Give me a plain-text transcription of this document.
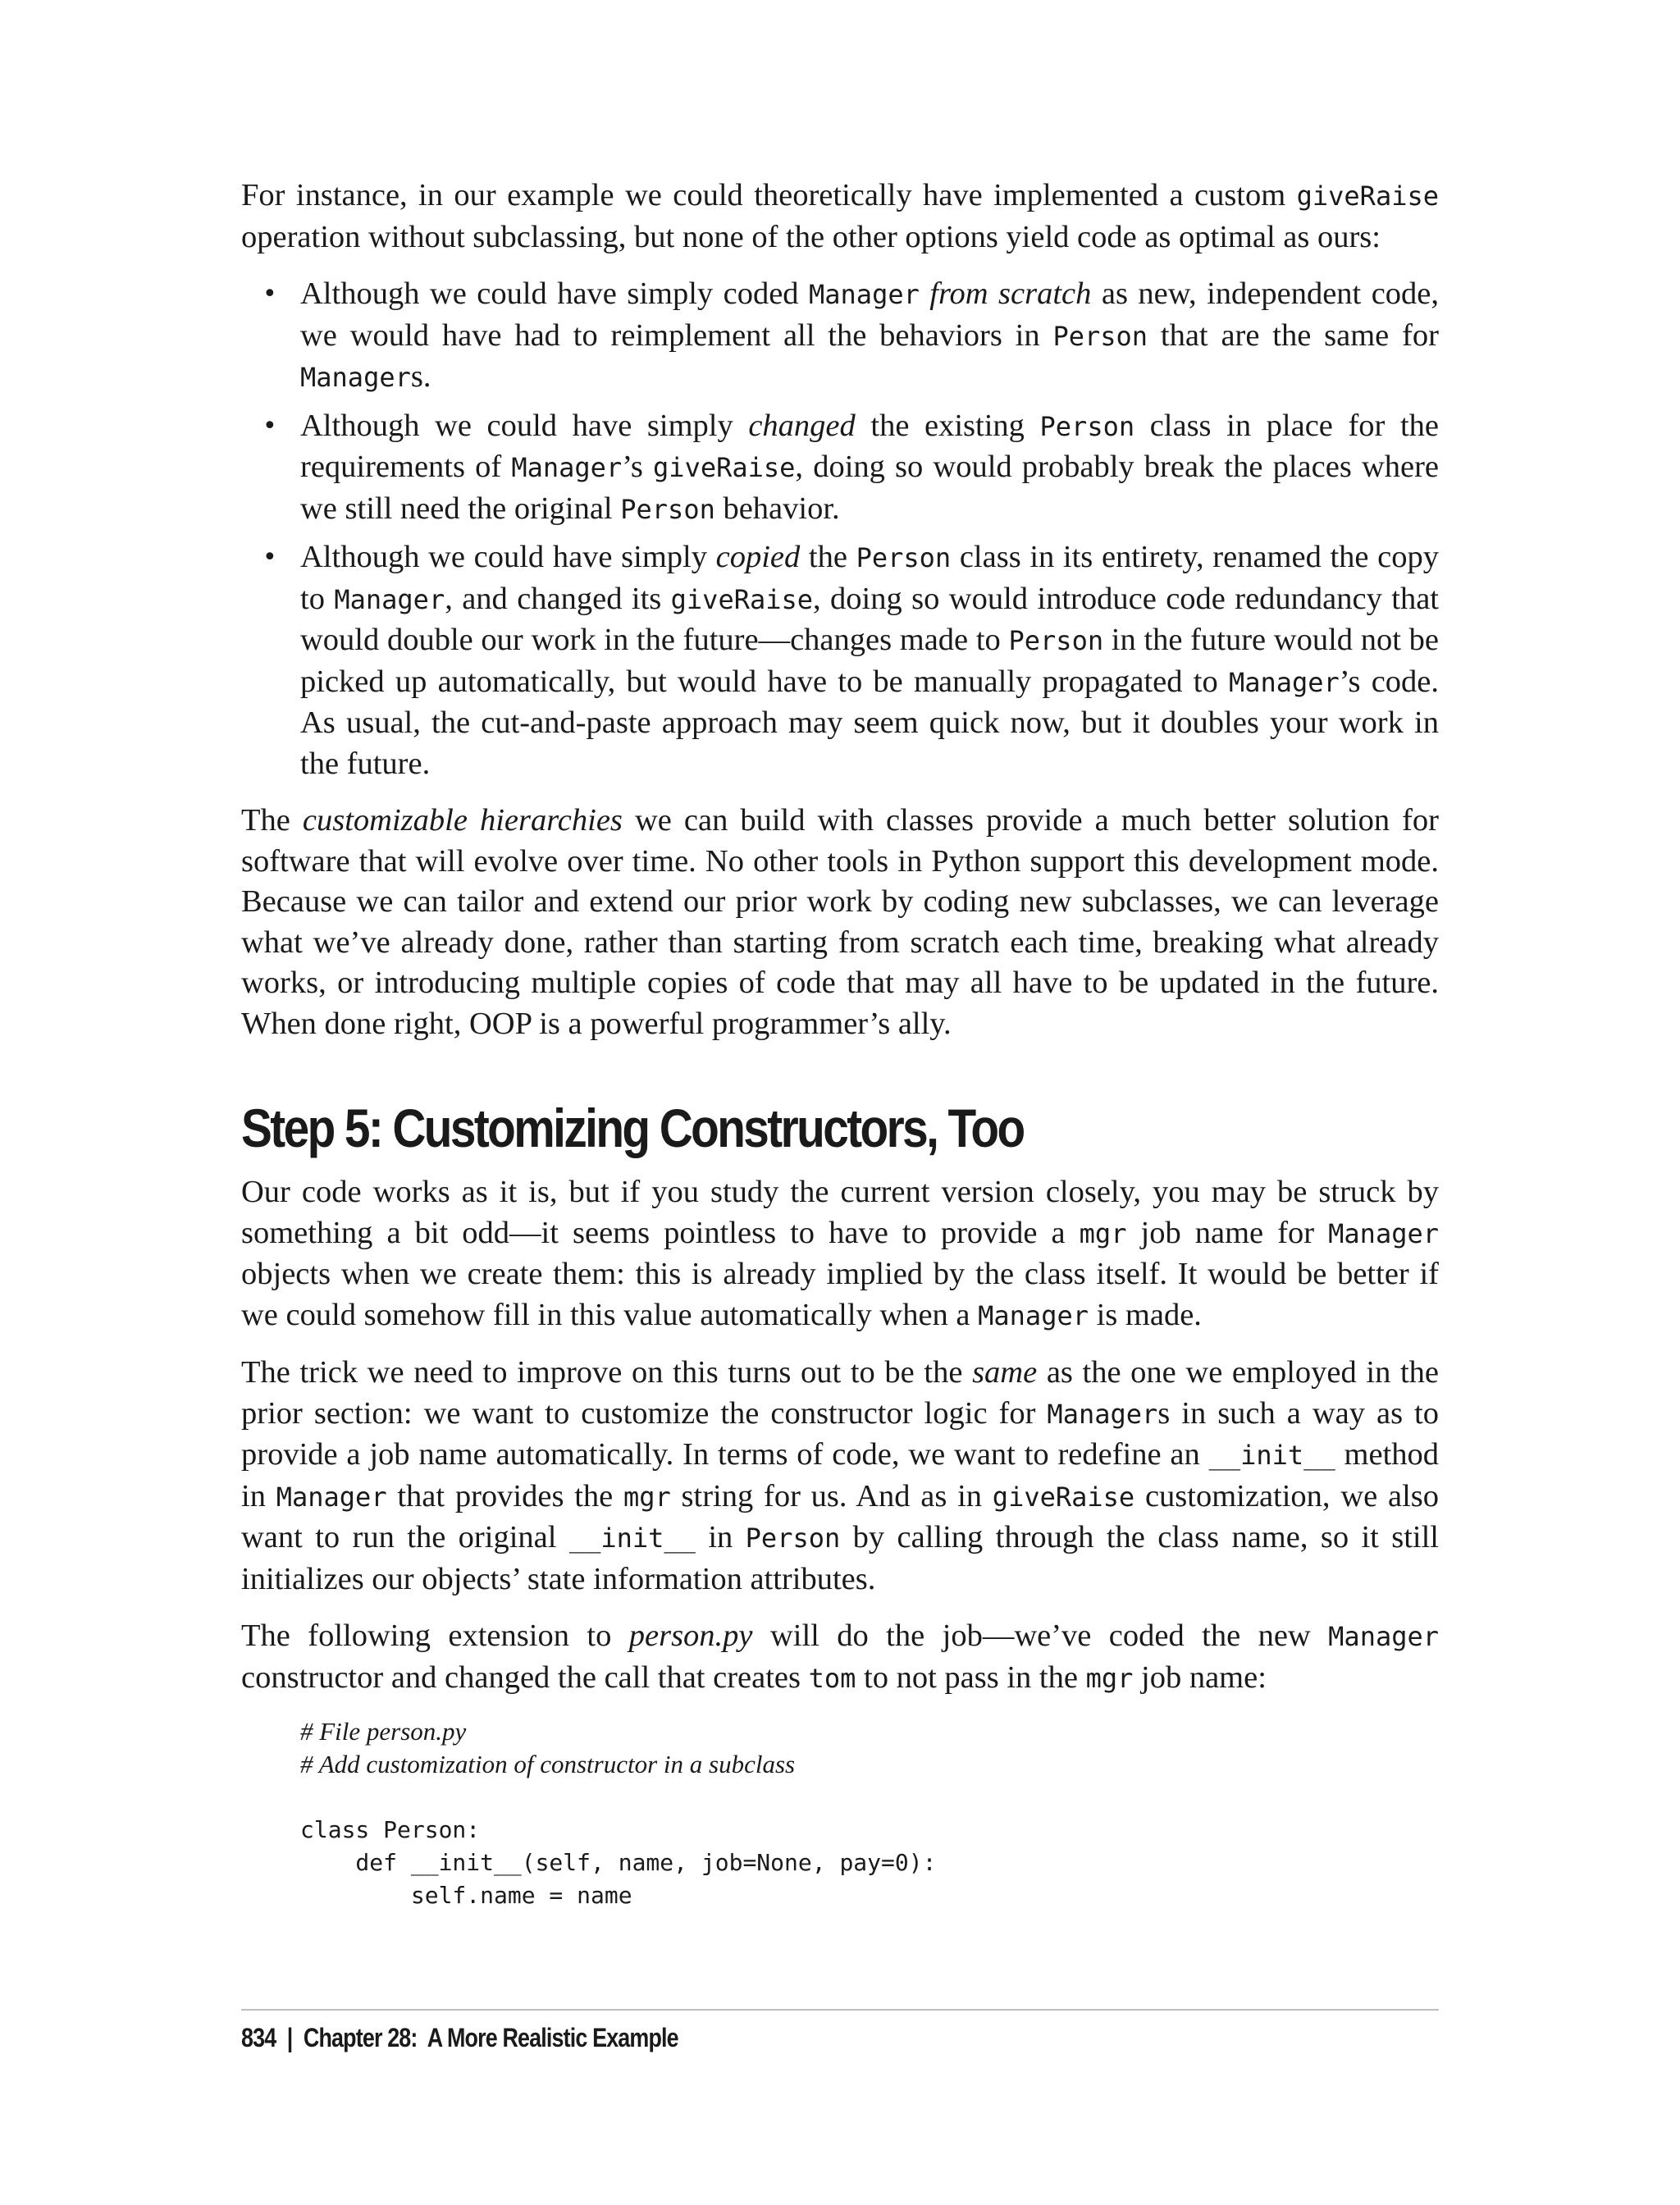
For instance, in our example we could theoretically have implemented a custom giveRaise operation without subclassing, but none of the other options yield code as optimal as ours:

• Although we could have simply coded Manager from scratch as new, independent code, we would have had to reimplement all the behaviors in Person that are the same for Managers.
• Although we could have simply changed the existing Person class in place for the requirements of Manager’s giveRaise, doing so would probably break the places where we still need the original Person behavior.
• Although we could have simply copied the Person class in its entirety, renamed the copy to Manager, and changed its giveRaise, doing so would introduce code redundancy that would double our work in the future—changes made to Person in the future would not be picked up automatically, but would have to be manually propagated to Manager’s code. As usual, the cut-and-paste approach may seem quick now, but it doubles your work in the future.

The customizable hierarchies we can build with classes provide a much better solution for software that will evolve over time. No other tools in Python support this development mode. Because we can tailor and extend our prior work by coding new subclasses, we can leverage what we’ve already done, rather than starting from scratch each time, breaking what already works, or introducing multiple copies of code that may all have to be updated in the future. When done right, OOP is a powerful programmer’s ally.

Step 5: Customizing Constructors, Too

Our code works as it is, but if you study the current version closely, you may be struck by something a bit odd—it seems pointless to have to provide a mgr job name for Manager objects when we create them: this is already implied by the class itself. It would be better if we could somehow fill in this value automatically when a Manager is made.

The trick we need to improve on this turns out to be the same as the one we employed in the prior section: we want to customize the constructor logic for Managers in such a way as to provide a job name automatically. In terms of code, we want to redefine an __init__ method in Manager that provides the mgr string for us. And as in giveRaise customization, we also want to run the original __init__ in Person by calling through the class name, so it still initializes our objects’ state information attributes.

The following extension to person.py will do the job—we’ve coded the new Manager constructor and changed the call that creates tom to not pass in the mgr job name:

# File person.py
# Add customization of constructor in a subclass
class Person:
def __init__(self, name, job=None, pay=0):
self.name = name
834 | Chapter 28:  A More Realistic Example
